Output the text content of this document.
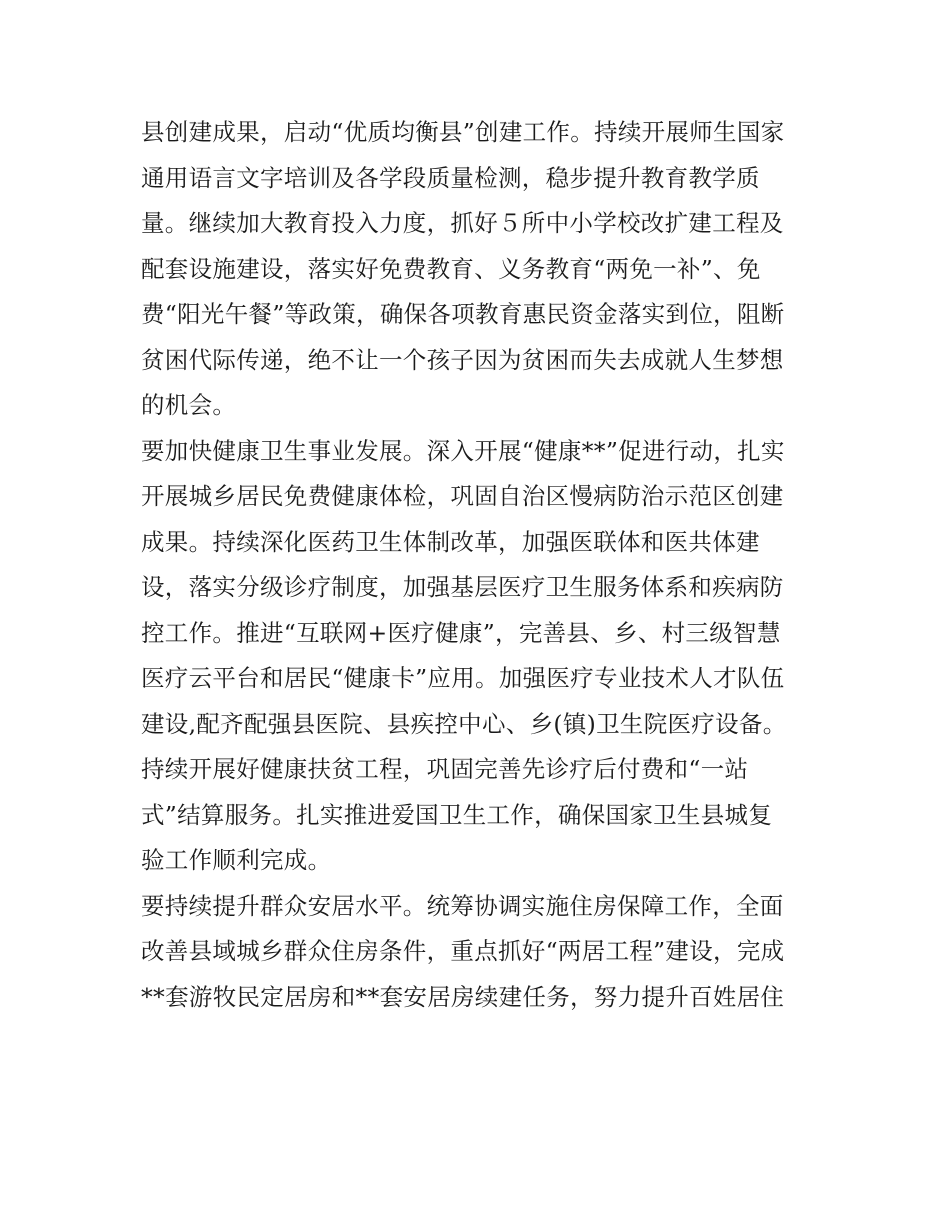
县创建成果，启动“优质均衡县”创建工作。持续开展师生国家
通用语言文字培训及各学段质量检测，稳步提升教育教学质
量。继续加大教育投入力度，抓好５所中小学校改扩建工程及
配套设施建设，落实好免费教育、义务教育“两免一补”、免
费“阳光午餐”等政策，确保各项教育惠民资金落实到位，阻断
贫困代际传递，绝不让一个孩子因为贫困而失去成就人生梦想
的机会。
要加快健康卫生事业发展。深入开展“健康**”促进行动，扎实
开展城乡居民免费健康体检，巩固自治区慢病防治示范区创建
成果。持续深化医药卫生体制改革，加强医联体和医共体建
设，落实分级诊疗制度，加强基层医疗卫生服务体系和疾病防
控工作。推进“互联网+医疗健康”，完善县、乡、村三级智慧
医疗云平台和居民“健康卡”应用。加强医疗专业技术人才队伍
建设,配齐配强县医院、县疾控中心、乡(镇)卫生院医疗设备。
持续开展好健康扶贫工程，巩固完善先诊疗后付费和“一站
式”结算服务。扎实推进爱国卫生工作，确保国家卫生县城复
验工作顺利完成。
要持续提升群众安居水平。统筹协调实施住房保障工作，全面
改善县域城乡群众住房条件，重点抓好“两居工程”建设，完成
**套游牧民定居房和**套安居房续建任务，努力提升百姓居住
